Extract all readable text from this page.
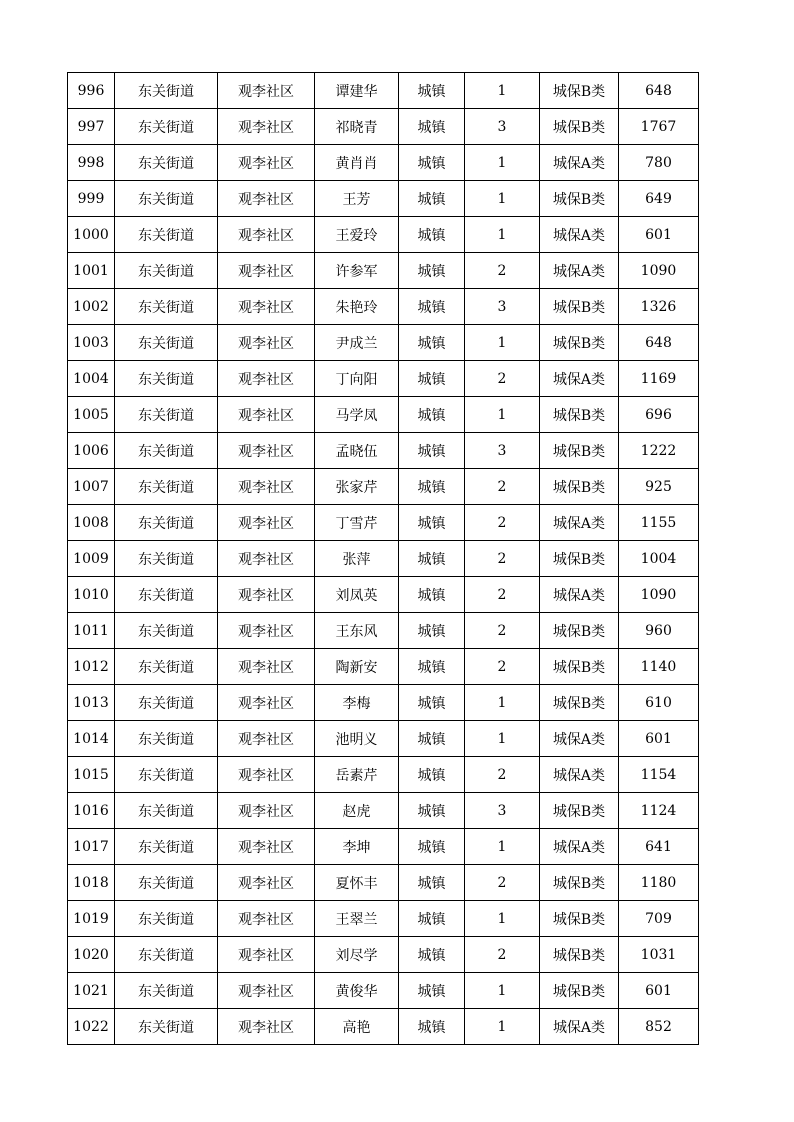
996	东关街道	观李社区	谭建华	城镇	1	城保B类	648
997	东关街道	观李社区	祁晓青	城镇	3	城保B类	1767
998	东关街道	观李社区	黄肖肖	城镇	1	城保A类	780
999	东关街道	观李社区	王芳	城镇	1	城保B类	649
1000	东关街道	观李社区	王爱玲	城镇	1	城保A类	601
1001	东关街道	观李社区	许参军	城镇	2	城保A类	1090
1002	东关街道	观李社区	朱艳玲	城镇	3	城保B类	1326
1003	东关街道	观李社区	尹成兰	城镇	1	城保B类	648
1004	东关街道	观李社区	丁向阳	城镇	2	城保A类	1169
1005	东关街道	观李社区	马学凤	城镇	1	城保B类	696
1006	东关街道	观李社区	孟晓伍	城镇	3	城保B类	1222
1007	东关街道	观李社区	张家芹	城镇	2	城保B类	925
1008	东关街道	观李社区	丁雪芹	城镇	2	城保A类	1155
1009	东关街道	观李社区	张萍	城镇	2	城保B类	1004
1010	东关街道	观李社区	刘凤英	城镇	2	城保A类	1090
1011	东关街道	观李社区	王东风	城镇	2	城保B类	960
1012	东关街道	观李社区	陶新安	城镇	2	城保B类	1140
1013	东关街道	观李社区	李梅	城镇	1	城保B类	610
1014	东关街道	观李社区	池明义	城镇	1	城保A类	601
1015	东关街道	观李社区	岳素芹	城镇	2	城保A类	1154
1016	东关街道	观李社区	赵虎	城镇	3	城保B类	1124
1017	东关街道	观李社区	李坤	城镇	1	城保A类	641
1018	东关街道	观李社区	夏怀丰	城镇	2	城保B类	1180
1019	东关街道	观李社区	王翠兰	城镇	1	城保B类	709
1020	东关街道	观李社区	刘尽学	城镇	2	城保B类	1031
1021	东关街道	观李社区	黄俊华	城镇	1	城保B类	601
1022	东关街道	观李社区	高艳	城镇	1	城保A类	852
